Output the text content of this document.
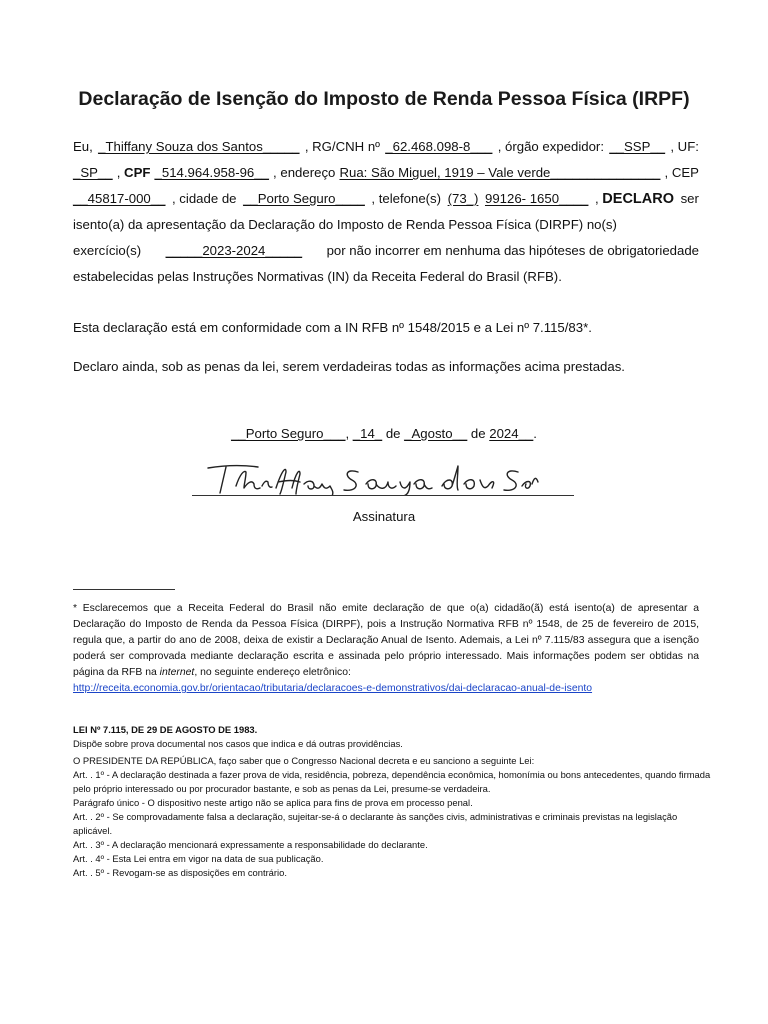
Declaração de Isenção do Imposto de Renda Pessoa Física (IRPF)
Eu, _Thiffany Souza dos Santos_____ , RG/CNH nº _62.468.098-8___ , órgão expedidor: __SSP__ , UF:
_SP__ , CPF _514.964.958-96__ , endereço Rua: São Miguel, 1919 – Vale verde_______________ , CEP
__45817-000__ , cidade de __Porto Seguro____ , telefone(s) (73_) 99126- 1650____ , DECLARO ser
isento(a) da apresentação da Declaração do Imposto de Renda Pessoa Física (DIRPF) no(s)
exercício(s) _____2023-2024_____ por não incorrer em nenhuma das hipóteses de obrigatoriedade
estabelecidas pelas Instruções Normativas (IN) da Receita Federal do Brasil (RFB).
Esta declaração está em conformidade com a IN RFB nº 1548/2015 e a Lei nº 7.115/83*.
Declaro ainda, sob as penas da lei, serem verdadeiras todas as informações acima prestadas.
__Porto Seguro___, _14_ de _Agosto__ de 2024__.
Assinatura
* Esclarecemos que a Receita Federal do Brasil não emite declaração de que o(a) cidadão(ã) está isento(a) de apresentar a Declaração do Imposto de Renda da Pessoa Física (DIRPF), pois a Instrução Normativa RFB nº 1548, de 25 de fevereiro de 2015, regula que, a partir do ano de 2008, deixa de existir a Declaração Anual de Isento. Ademais, a Lei nº 7.115/83 assegura que a isenção poderá ser comprovada mediante declaração escrita e assinada pelo próprio interessado. Mais informações podem ser obtidas na página da RFB na internet, no seguinte endereço eletrônico:
http://receita.economia.gov.br/orientacao/tributaria/declaracoes-e-demonstrativos/dai-declaracao-anual-de-isento

LEI Nº 7.115, DE 29 DE AGOSTO DE 1983.

Dispõe sobre prova documental nos casos que indica e dá outras providências.

O PRESIDENTE DA REPÚBLICA, faço saber que o Congresso Nacional decreta e eu sanciono a seguinte Lei:

Art. . 1º - A declaração destinada a fazer prova de vida, residência, pobreza, dependência econômica, homonímia ou bons antecedentes, quando firmada pelo próprio interessado ou por procurador bastante, e sob as penas da Lei, presume-se verdadeira.

Parágrafo único - O dispositivo neste artigo não se aplica para fins de prova em processo penal.

Art. . 2º - Se comprovadamente falsa a declaração, sujeitar-se-á o declarante às sanções civis, administrativas e criminais previstas na legislação aplicável.

Art. . 3º - A declaração mencionará expressamente a responsabilidade do declarante.

Art. . 4º - Esta Lei entra em vigor na data de sua publicação.

Art. . 5º - Revogam-se as disposições em contrário.
